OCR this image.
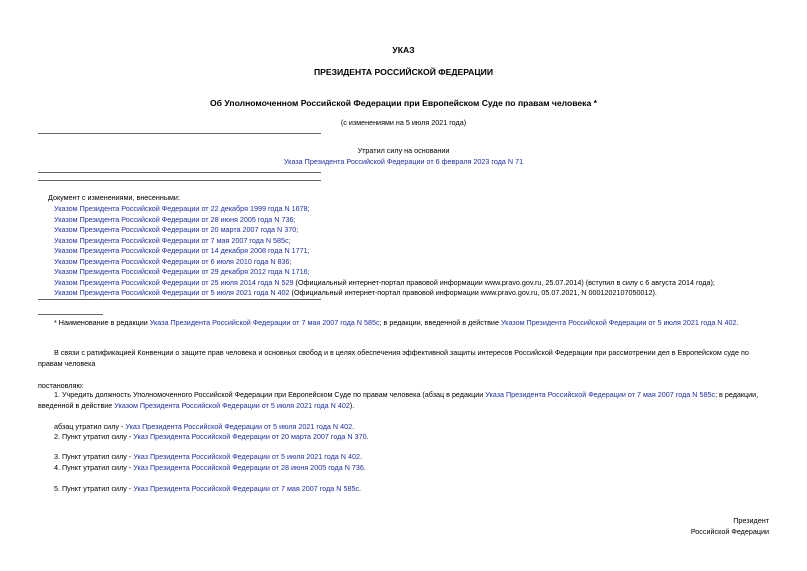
УКАЗ
ПРЕЗИДЕНТА РОССИЙСКОЙ ФЕДЕРАЦИИ
Об Уполномоченном Российской Федерации при Европейском Суде по правам человека *
(с изменениями на 5 июля 2021 года)
Утратил силу на основании
Указа Президента Российской Федерации от 6 февраля 2023 года N 71
Документ с изменениями, внесенными:
Указом Президента Российской Федерации от 22 декабря 1999 года N 1678;
Указом Президента Российской Федерации от 28 июня 2005 года N 736;
Указом Президента Российской Федерации от 20 марта 2007 года N 370;
Указом Президента Российской Федерации от 7 мая 2007 года N 585с;
Указом Президента Российской Федерации от 14 декабря 2008 года N 1771;
Указом Президента Российской Федерации от 6 июля 2010 года N 836;
Указом Президента Российской Федерации от 29 декабря 2012 года N 1716;
Указом Президента Российской Федерации от 25 июля 2014 года N 529 (Официальный интернет-портал правовой информации www.pravo.gov.ru, 25.07.2014) (вступил в силу с 6 августа 2014 года);
Указом Президента Российской Федерации от 5 июля 2021 года N 402 (Официальный интернет-портал правовой информации www.pravo.gov.ru, 05.07.2021, N 0001202107050012).
* Наименование в редакции Указа Президента Российской Федерации от 7 мая 2007 года N 585с; в редакции, введенной в действие Указом Президента Российской Федерации от 5 июля 2021 года N 402.
В связи с ратификацией Конвенции о защите прав человека и основных свобод и в целях обеспечения эффективной защиты интересов Российской Федерации при рассмотрении дел в Европейском суде по правам человека
постановляю:
1. Учредить должность Уполномоченного Российской Федерации при Европейском Суде по правам человека (абзац в редакции Указа Президента Российской Федерации от 7 мая 2007 года N 585с; в редакции, введенной в действие Указом Президента Российской Федерации от 5 июля 2021 года N 402).
абзац утратил силу - Указ Президента Российской Федерации от 5 июля 2021 года N 402.
2. Пункт утратил силу - Указ Президента Российской Федерации от 20 марта 2007 года N 370.
3. Пункт утратил силу - Указ Президента Российской Федерации от 5 июля 2021 года N 402.
4. Пункт утратил силу - Указ Президента Российской Федерации от 28 июня 2005 года N 736.
5. Пункт утратил силу - Указ Президента Российской Федерации от 7 мая 2007 года N 585с.
Президент
Российской Федерации
